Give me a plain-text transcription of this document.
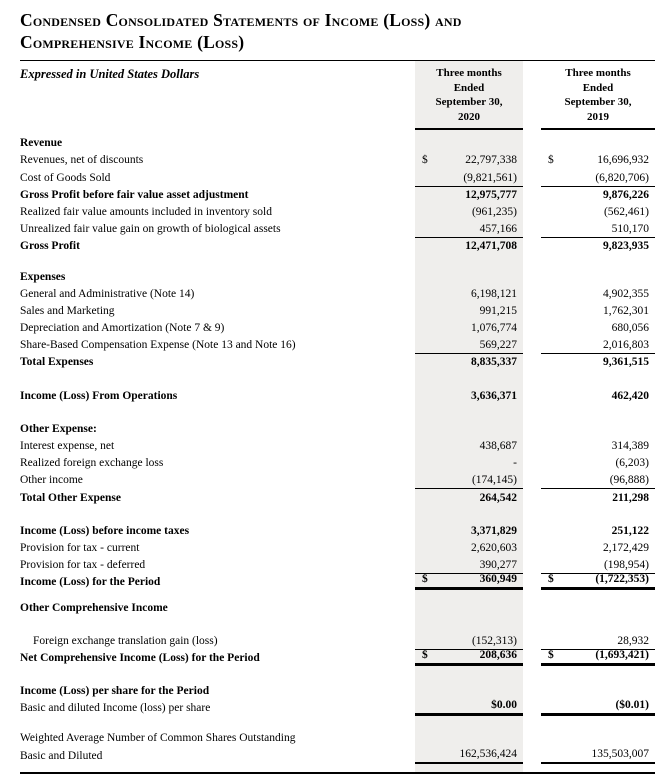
Condensed Consolidated Statements of Income (Loss) and
Comprehensive Income (Loss)
Expressed in United States Dollars	Three months
Ended
September 30,
2020
Three months
Ended
September 30,
2019
Revenue
Revenues, net of discounts	$	22,797,338	$	16,696,932
Cost of Goods Sold	(9,821,561)	(6,820,706)
Gross Profit before fair value asset adjustment	12,975,777	9,876,226
Realized fair value amounts included in inventory sold	(961,235)	(562,461)
Unrealized fair value gain on growth of biological assets	457,166	510,170
Gross Profit	12,471,708	9,823,935
Expenses
General and Administrative (Note 14)	6,198,121	4,902,355
Sales and Marketing	991,215	1,762,301
Depreciation and Amortization (Note 7 & 9)	1,076,774	680,056
Share-Based Compensation Expense (Note 13 and Note 16)	569,227	2,016,803
Total Expenses	8,835,337	9,361,515
Income (Loss) From Operations	3,636,371	462,420
Other Expense:
Interest expense, net	438,687	314,389
Realized foreign exchange loss	-	(6,203)
Other income	(174,145)	(96,888)
Total Other Expense	264,542	211,298
Income (Loss) before income taxes	3,371,829	251,122
Provision for tax - current	2,620,603	2,172,429
Provision for tax - deferred	390,277	(198,954)
Income (Loss) for the Period	$	360,949	$	(1,722,353)
Other Comprehensive Income
Foreign exchange translation gain (loss)	(152,313)	28,932
Net Comprehensive Income (Loss) for the Period	$	208,636	$	(1,693,421)
Income (Loss) per share for the Period
Basic and diluted Income (loss) per share	$0.00	($0.01)
Weighted Average Number of Common Shares Outstanding
Basic and Diluted	162,536,424	135,503,007
